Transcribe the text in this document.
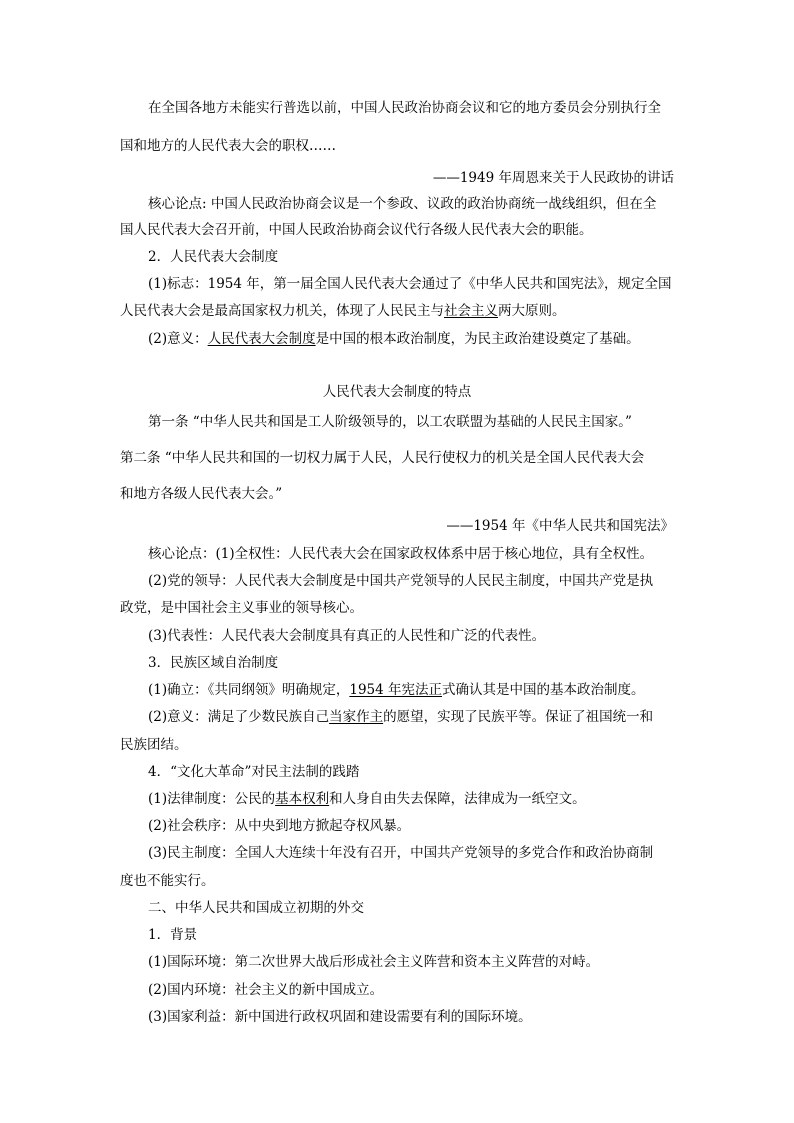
在全国各地方未能实行普选以前，中国人民政治协商会议和它的地方委员会分别执行全
国和地方的人民代表大会的职权……
——1949 年周恩来关于人民政协的讲话
核心论点: 中国人民政治协商会议是一个参政、议政的政治协商统一战线组织，但在全
国人民代表大会召开前，中国人民政治协商会议代行各级人民代表大会的职能。
2．人民代表大会制度
(1)标志：1954 年，第一届全国人民代表大会通过了《中华人民共和国宪法》，规定全国
人民代表大会是最高国家权力机关，体现了人民民主与社会主义两大原则。
(2)意义：人民代表大会制度是中国的根本政治制度，为民主政治建设奠定了基础。
人民代表大会制度的特点
第一条 “中华人民共和国是工人阶级领导的，以工农联盟为基础的人民民主国家。”
第二条 “中华人民共和国的一切权力属于人民，人民行使权力的机关是全国人民代表大会
和地方各级人民代表大会。”
——1954 年《中华人民共和国宪法》
核心论点：(1)全权性：人民代表大会在国家政权体系中居于核心地位，具有全权性。
(2)党的领导：人民代表大会制度是中国共产党领导的人民民主制度，中国共产党是执
政党，是中国社会主义事业的领导核心。
(3)代表性：人民代表大会制度具有真正的人民性和广泛的代表性。
3．民族区域自治制度
(1)确立：《共同纲领》明确规定，1954 年宪法正式确认其是中国的基本政治制度。
(2)意义：满足了少数民族自己当家作主的愿望，实现了民族平等。保证了祖国统一和
民族团结。
4．“文化大革命”对民主法制的践踏
(1)法律制度：公民的基本权利和人身自由失去保障，法律成为一纸空文。
(2)社会秩序：从中央到地方掀起夺权风暴。
(3)民主制度：全国人大连续十年没有召开，中国共产党领导的多党合作和政治协商制
度也不能实行。
二、中华人民共和国成立初期的外交
1．背景
(1)国际环境：第二次世界大战后形成社会主义阵营和资本主义阵营的对峙。
(2)国内环境：社会主义的新中国成立。
(3)国家利益：新中国进行政权巩固和建设需要有利的国际环境。
